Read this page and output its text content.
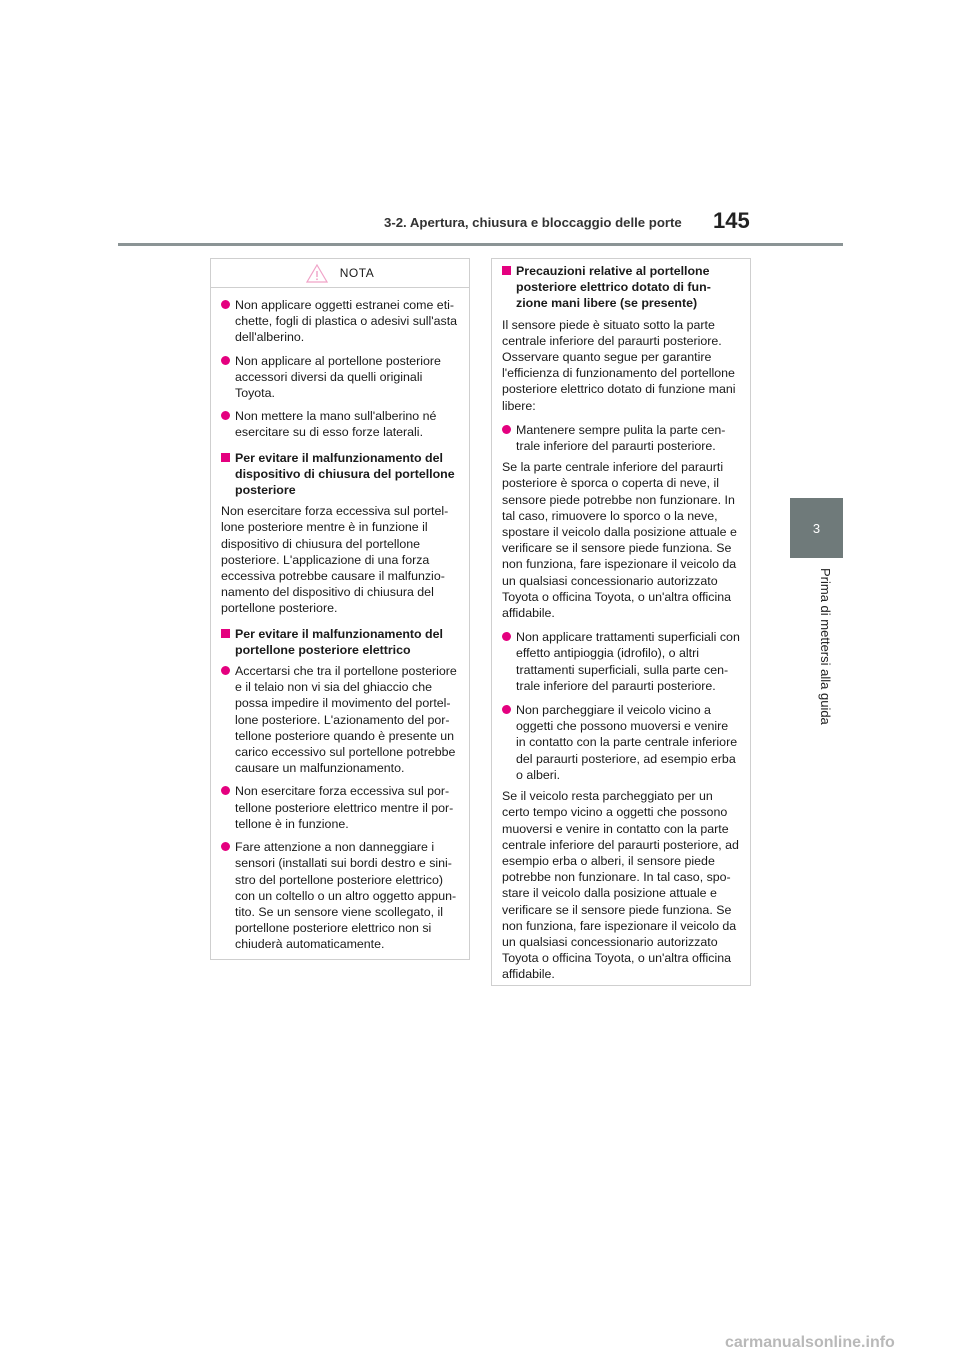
3-2. Apertura, chiusura e bloccaggio delle porte 145
3
Prima di mettersi alla guida
NOTA
Non applicare oggetti estranei come eti-chette, fogli di plastica o adesivi sull'asta dell'alberino.
Non applicare al portellone posteriore accessori diversi da quelli originali Toyota.
Non mettere la mano sull'alberino né esercitare su di esso forze laterali.
Per evitare il malfunzionamento del dispositivo di chiusura del portellone posteriore
Non esercitare forza eccessiva sul portel-lone posteriore mentre è in funzione il dispositivo di chiusura del portellone posteriore. L'applicazione di una forza eccessiva potrebbe causare il malfunzio-namento del dispositivo di chiusura del portellone posteriore.
Per evitare il malfunzionamento del portellone posteriore elettrico
Accertarsi che tra il portellone posteriore e il telaio non vi sia del ghiaccio che possa impedire il movimento del portel-lone posteriore. L'azionamento del por-tellone posteriore quando è presente un carico eccessivo sul portellone potrebbe causare un malfunzionamento.
Non esercitare forza eccessiva sul por-tellone posteriore elettrico mentre il por-tellone è in funzione.
Fare attenzione a non danneggiare i sensori (installati sui bordi destro e sini-stro del portellone posteriore elettrico) con un coltello o un altro oggetto appun-tito. Se un sensore viene scollegato, il portellone posteriore elettrico non si chiuderà automaticamente.
Precauzioni relative al portellone posteriore elettrico dotato di fun-zione mani libere (se presente)
Il sensore piede è situato sotto la parte centrale inferiore del paraurti posteriore. Osservare quanto segue per garantire l'efficienza di funzionamento del portellone posteriore elettrico dotato di funzione mani libere:
Mantenere sempre pulita la parte cen-trale inferiore del paraurti posteriore.
Se la parte centrale inferiore del paraurti posteriore è sporca o coperta di neve, il sensore piede potrebbe non funzionare. In tal caso, rimuovere lo sporco o la neve, spostare il veicolo dalla posizione attuale e verificare se il sensore piede funziona. Se non funziona, fare ispezionare il veicolo da un qualsiasi concessionario autorizzato Toyota o officina Toyota, o un'altra officina affidabile.
Non applicare trattamenti superficiali con effetto antipioggia (idrofilo), o altri trattamenti superficiali, sulla parte cen-trale inferiore del paraurti posteriore.
Non parcheggiare il veicolo vicino a oggetti che possono muoversi e venire in contatto con la parte centrale inferiore del paraurti posteriore, ad esempio erba o alberi.
Se il veicolo resta parcheggiato per un certo tempo vicino a oggetti che possono muoversi e venire in contatto con la parte centrale inferiore del paraurti posteriore, ad esempio erba o alberi, il sensore piede potrebbe non funzionare. In tal caso, spo-stare il veicolo dalla posizione attuale e verificare se il sensore piede funziona. Se non funziona, fare ispezionare il veicolo da un qualsiasi concessionario autorizzato Toyota o officina Toyota, o un'altra officina affidabile.
carmanualsonline.info
